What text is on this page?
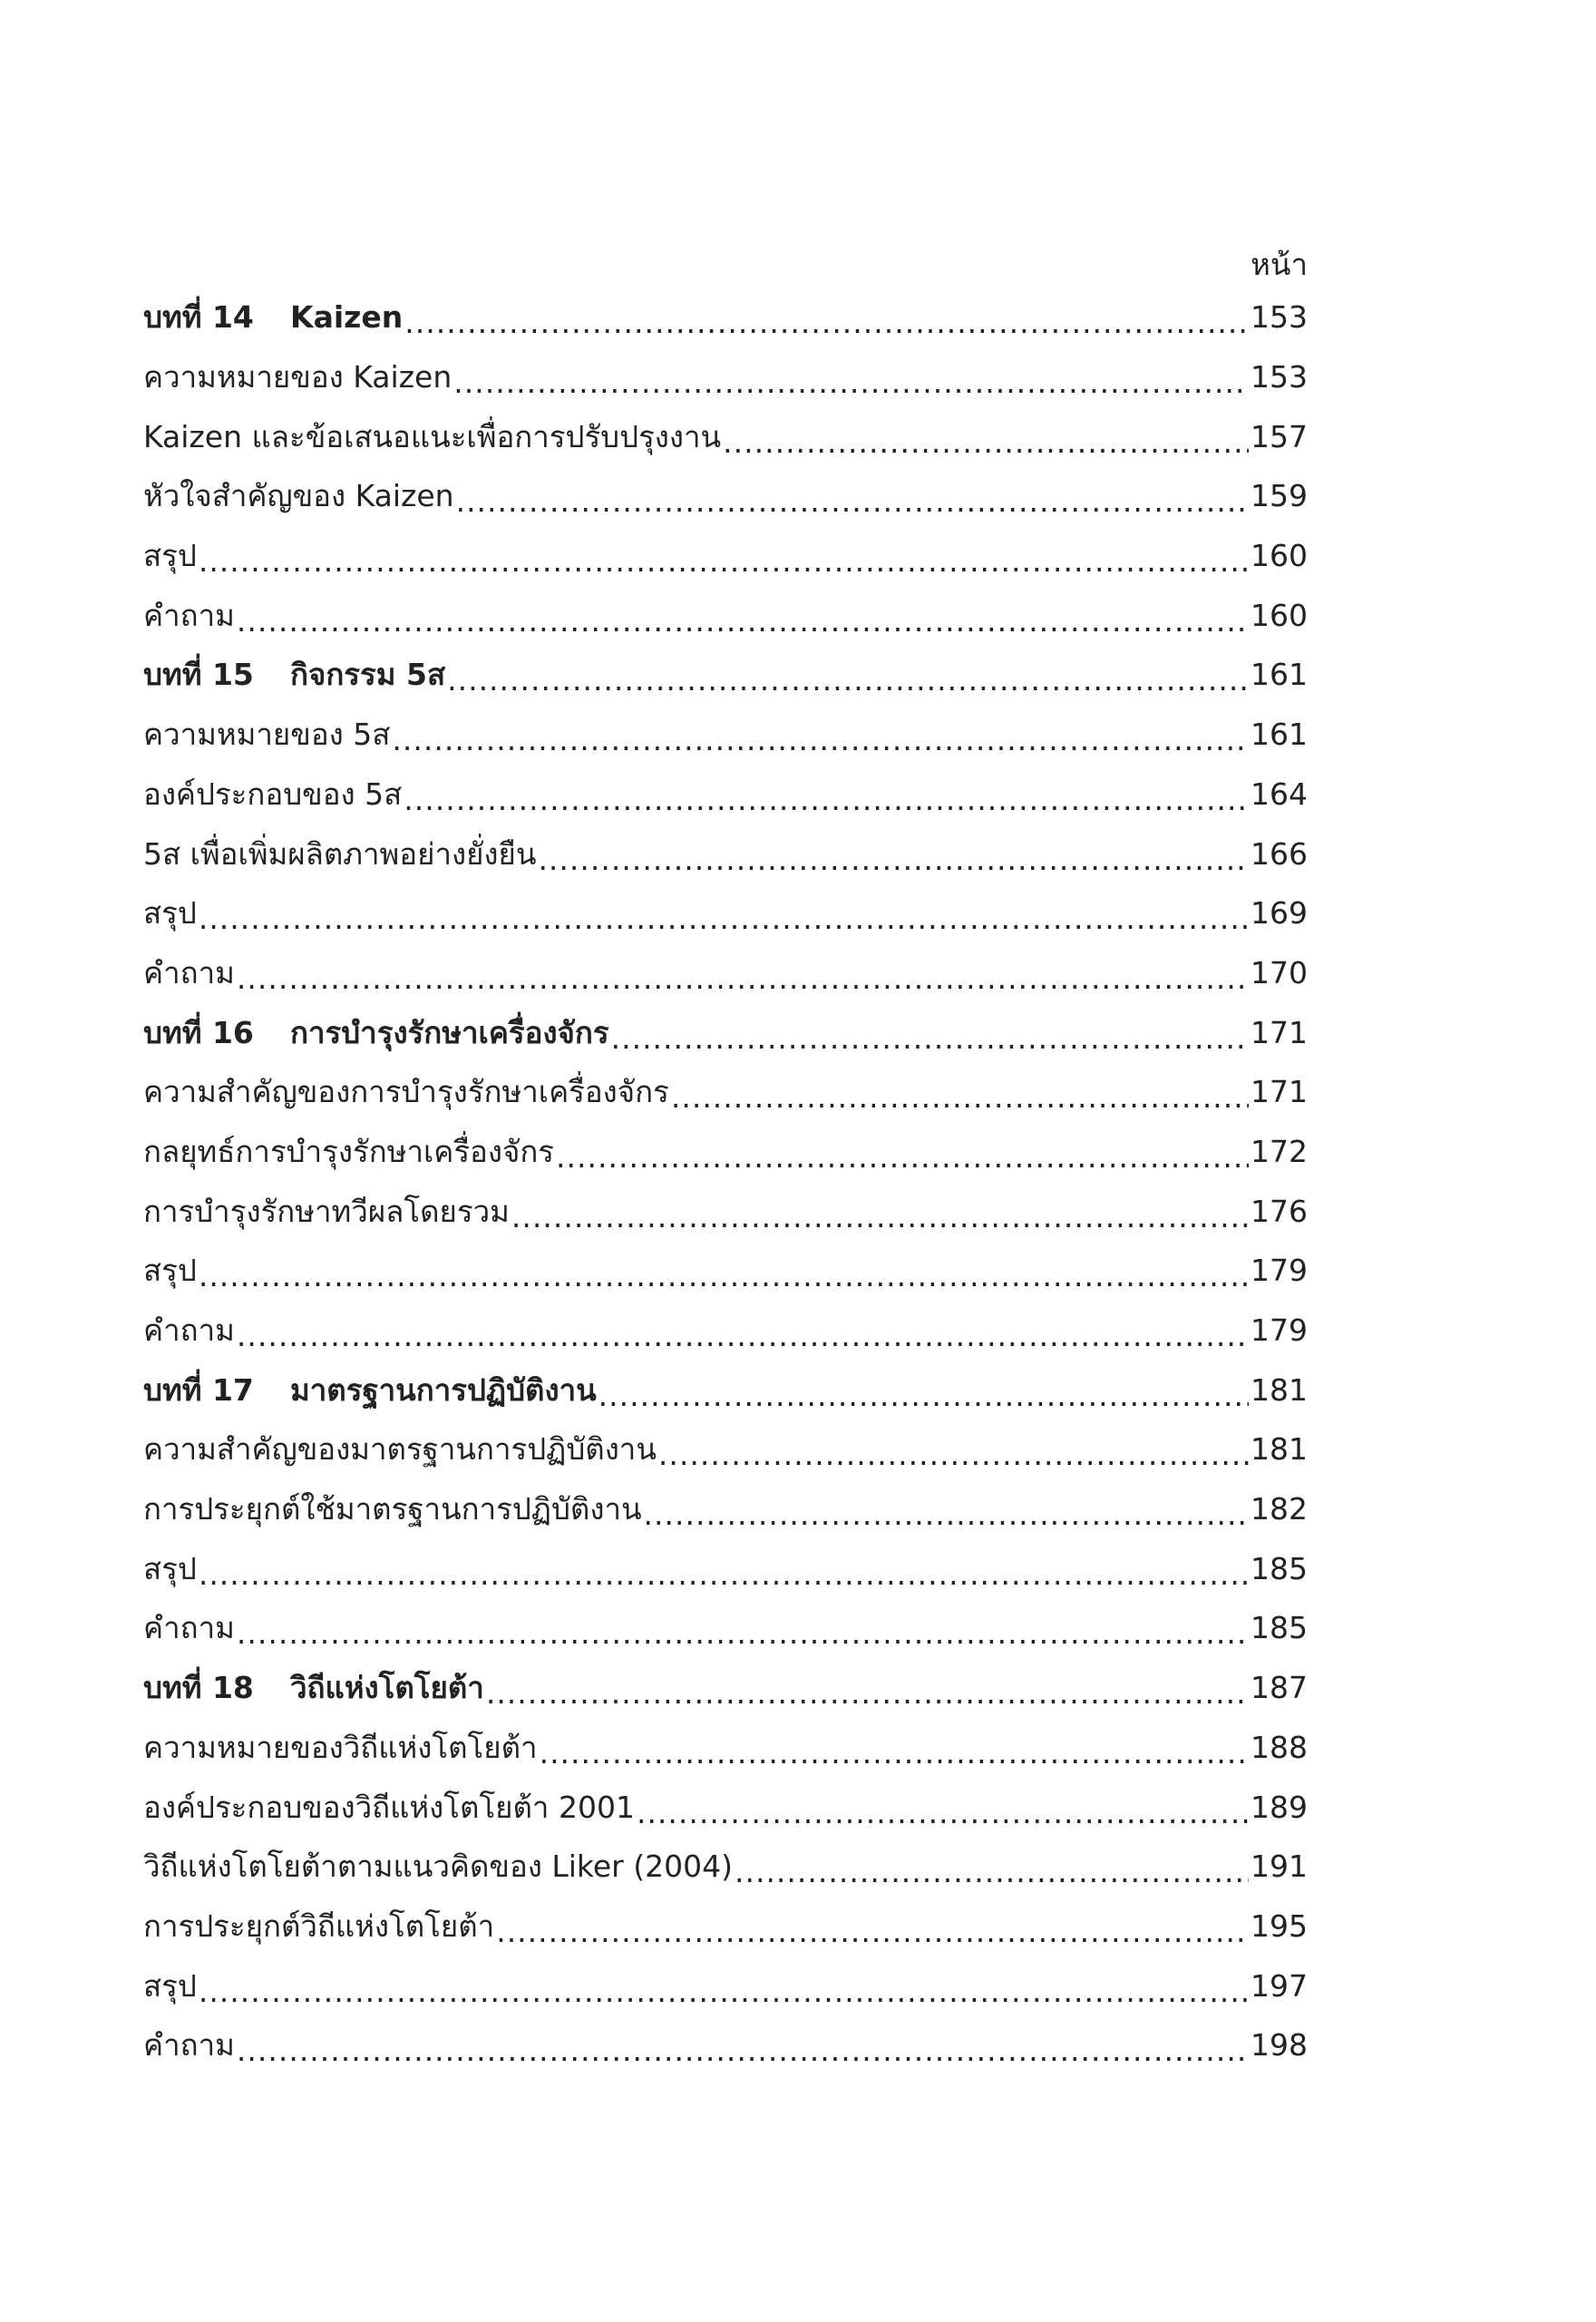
หน้า
บทที่ 14 Kaizen .....	153
ความหมายของ Kaizen .....	153
Kaizen และข้อเสนอแนะเพื่อการปรับปรุงงาน .....	157
หัวใจสำคัญของ Kaizen .....	159
สรุป .....	160
คำถาม .....	160
บทที่ 15 กิจกรรม 5ส .....	161
ความหมายของ 5ส .....	161
องค์ประกอบของ 5ส .....	164
5ส เพื่อเพิ่มผลิตภาพอย่างยั่งยืน .....	166
สรุป .....	169
คำถาม .....	170
บทที่ 16 การบำรุงรักษาเครื่องจักร .....	171
ความสำคัญของการบำรุงรักษาเครื่องจักร .....	171
กลยุทธ์การบำรุงรักษาเครื่องจักร .....	172
การบำรุงรักษาทวีผลโดยรวม .....	176
สรุป .....	179
คำถาม .....	179
บทที่ 17 มาตรฐานการปฏิบัติงาน .....	181
ความสำคัญของมาตรฐานการปฏิบัติงาน .....	181
การประยุกต์ใช้มาตรฐานการปฏิบัติงาน .....	182
สรุป .....	185
คำถาม .....	185
บทที่ 18 วิถีแห่งโตโยต้า .....	187
ความหมายของวิถีแห่งโตโยต้า .....	188
องค์ประกอบของวิถีแห่งโตโยต้า 2001 .....	189
วิถีแห่งโตโยต้าตามแนวคิดของ Liker (2004) .....	191
การประยุกต์วิถีแห่งโตโยต้า .....	195
สรุป .....	197
คำถาม .....	198
